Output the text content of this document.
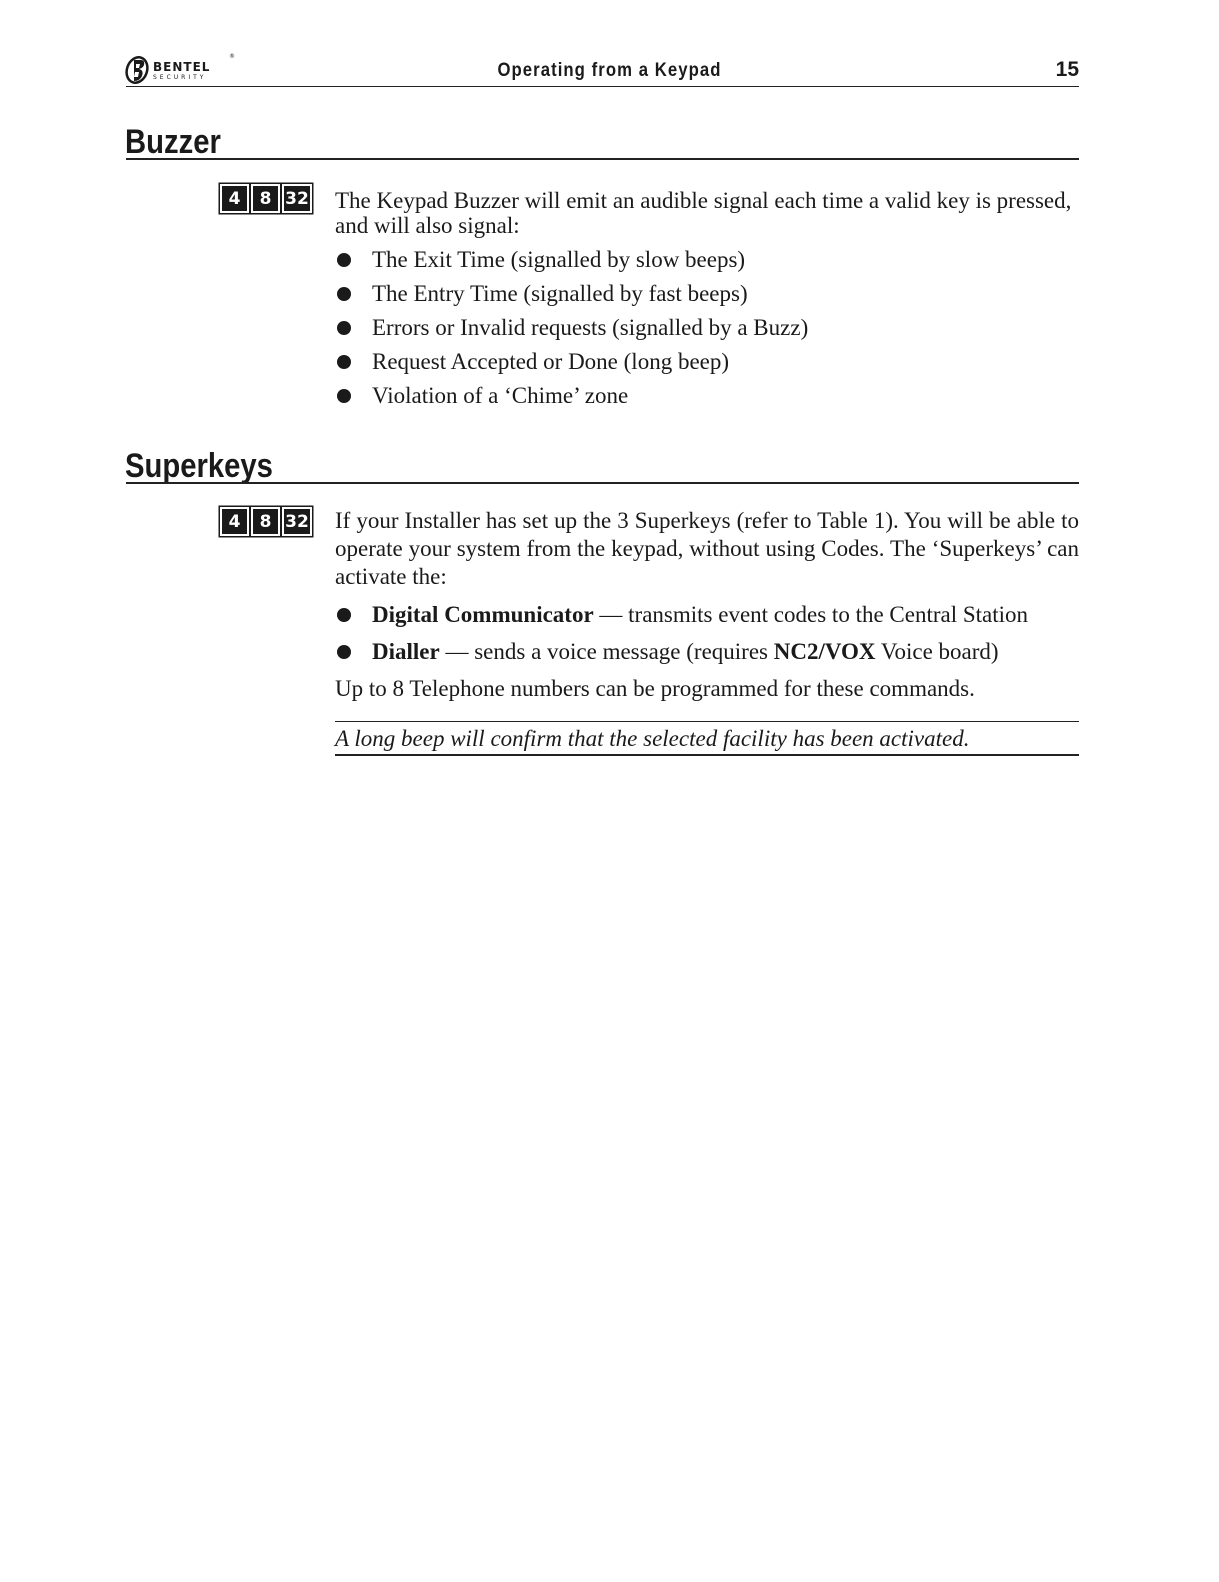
BENTEL
SECURITY
®
Operating from a Keypad	15
Buzzer
4	8 32 The Keypad Buzzer will emit an audible signal each time a valid key is pressed, and will also signal:
The Exit Time (signalled by slow beeps)
The Entry Time (signalled by fast beeps)
Errors or Invalid requests (signalled by a Buzz)
Request Accepted or Done (long beep)
Violation of a ‘Chime’ zone
Superkeys
4	8 32 If your Installer has set up the 3 Superkeys (refer to Table 1). You will be able to operate your system from the keypad, without using Codes. The ‘Superkeys’ can activate the:
Digital Communicator — transmits event codes to the Central Station
Dialler — sends a voice message (requires NC2/VOX Voice board)
Up to 8 Telephone numbers can be programmed for these commands.
A long beep will confirm that the selected facility has been activated.
